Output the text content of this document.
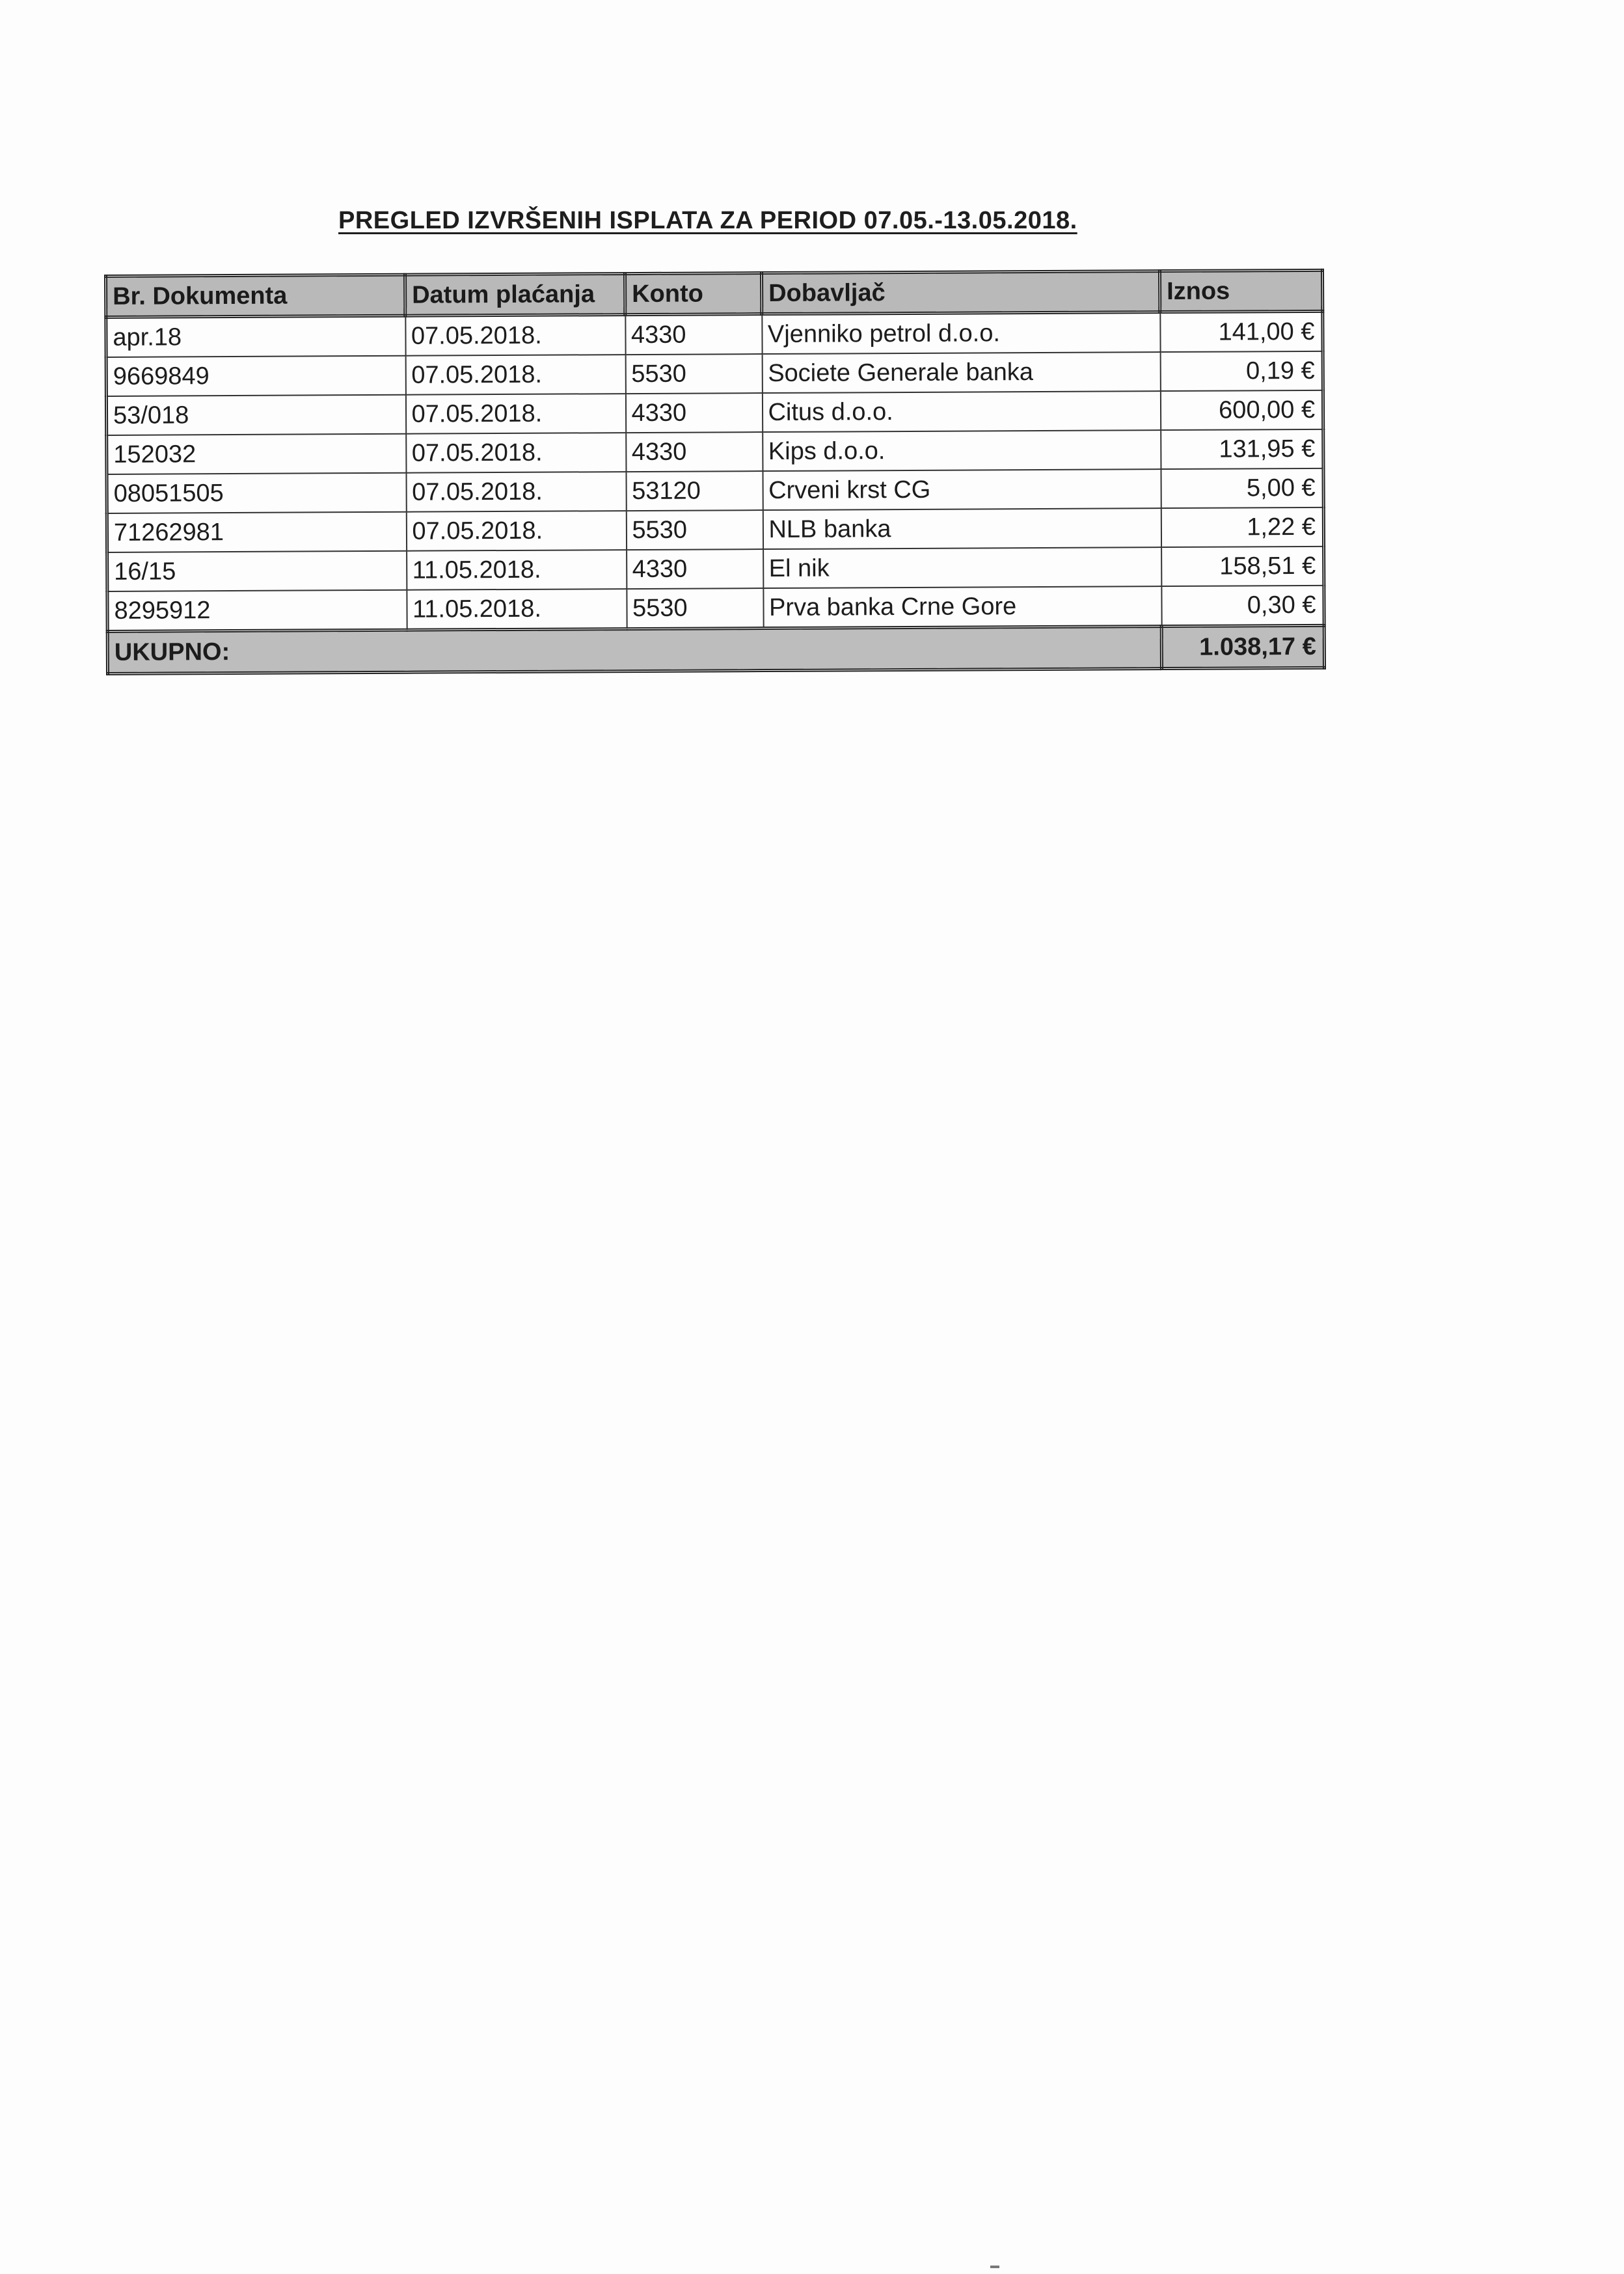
PREGLED IZVRŠENIH ISPLATA ZA PERIOD 07.05.-13.05.2018.
Br. Dokumenta	Datum plaćanja	Konto	Dobavljač	Iznos
apr.18	07.05.2018.	4330	Vjenniko petrol d.o.o.	141,00 €
9669849	07.05.2018.	5530	Societe Generale banka	0,19 €
53/018	07.05.2018.	4330	Citus d.o.o.	600,00 €
152032	07.05.2018.	4330	Kips d.o.o.	131,95 €
08051505	07.05.2018.	53120	Crveni krst CG	5,00 €
71262981	07.05.2018.	5530	NLB banka	1,22 €
16/15	11.05.2018.	4330	El nik	158,51 €
8295912	11.05.2018.	5530	Prva banka Crne Gore	0,30 €
UKUPNO:				1.038,17 €
